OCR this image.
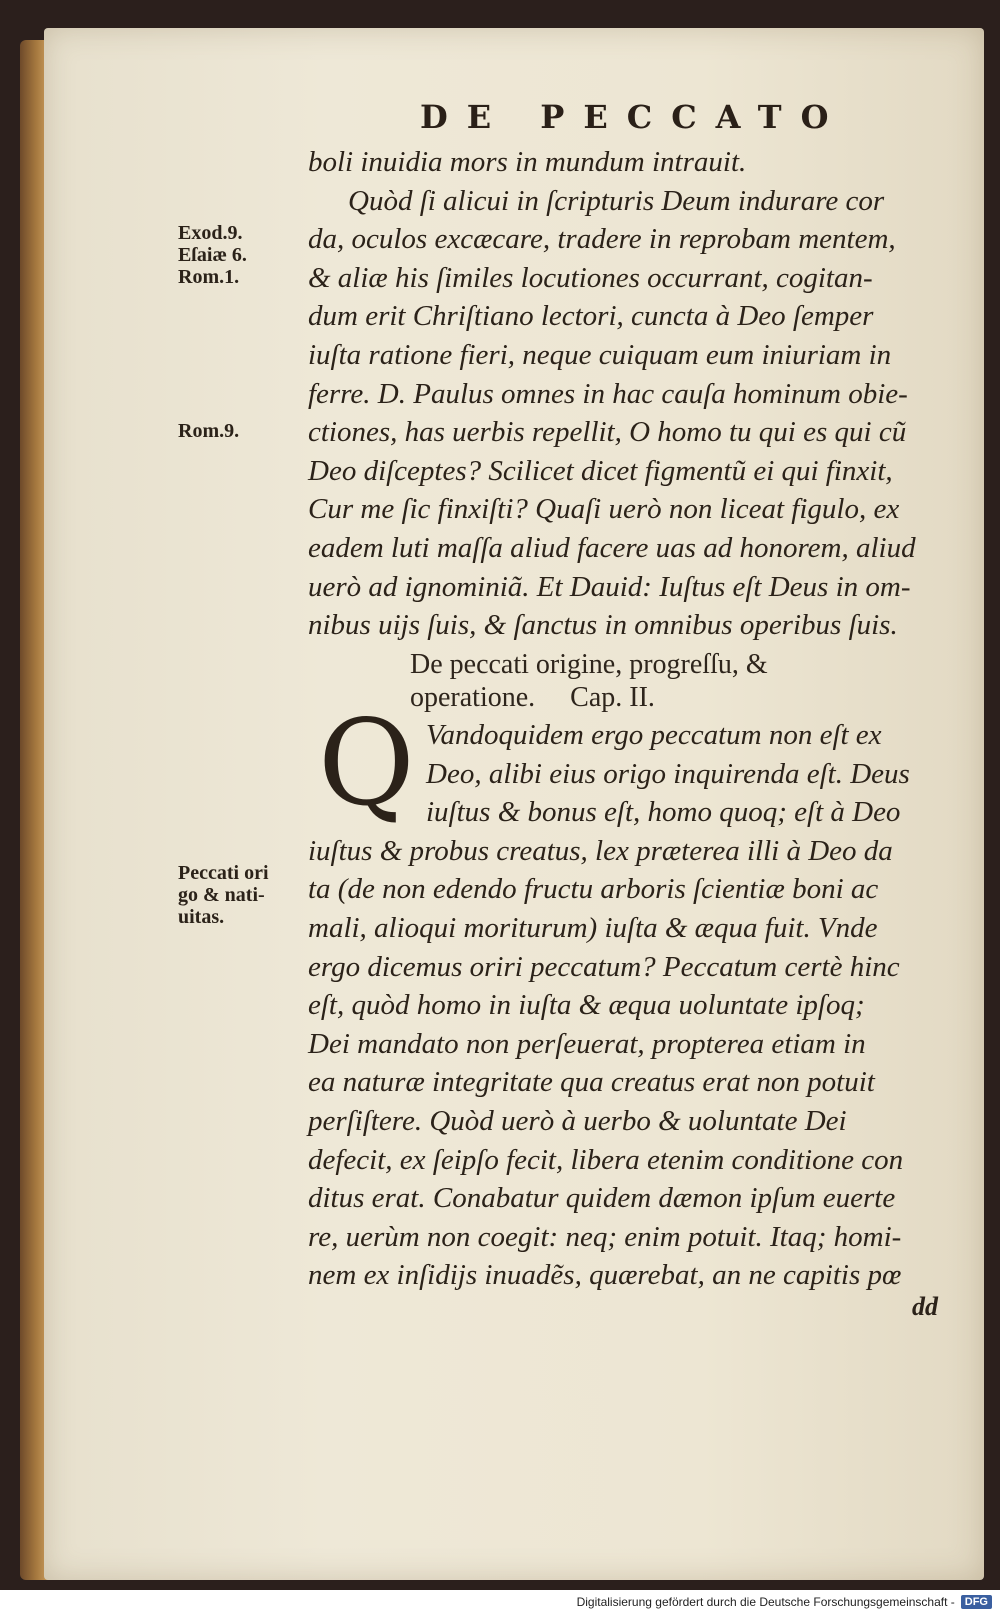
DE PECCATO
boli inuidia mors in mundum intrauit.
Quòd ſi alicui in ſcripturis Deum indurare cor
da, oculos excæcare, tradere in reprobam mentem,
& aliæ his ſimiles locutiones occurrant, cogitan-
dum erit Chriſtiano lectori, cuncta à Deo ſemper
iuſta ratione fieri, neque cuiquam eum iniuriam in
ferre. D. Paulus omnes in hac cauſa hominum obie-
ctiones, has uerbis repellit, O homo tu qui es qui cũ
Deo diſceptes? Scilicet dicet figmentũ ei qui finxit,
Cur me ſic finxiſti? Quaſi uerò non liceat figulo, ex
eadem luti maſſa aliud facere uas ad honorem, aliud
uerò ad ignominiã. Et Dauid: Iuſtus eſt Deus in om-
nibus uijs ſuis, & ſanctus in omnibus operibus ſuis.
De peccati origine, progreſſu, &
operatione.     Cap. II.
Q Vandoquidem ergo peccatum non eſt ex
Deo, alibi eius origo inquirenda eſt. Deus
iuſtus & bonus eſt, homo quoq; eſt à Deo
iuſtus & probus creatus, lex præterea illi à Deo da
ta (de non edendo fructu arboris ſcientiæ boni ac
mali, alioqui moriturum) iuſta & æqua fuit. Vnde
ergo dicemus oriri peccatum? Peccatum certè hinc
eſt, quòd homo in iuſta & æqua uoluntate ipſoq;
Dei mandato non perſeuerat, propterea etiam in
ea naturæ integritate qua creatus erat non potuit
perſiſtere. Quòd uerò à uerbo & uoluntate Dei
defecit, ex ſeipſo fecit, libera etenim conditione con
ditus erat. Conabatur quidem dæmon ipſum euerte
re, uerùm non coegit: neq; enim potuit. Itaq; homi-
nem ex inſidijs inuadẽs, quærebat, an ne capitis pœ
Exod.9.
Eſaiæ 6.
Rom.1.
Rom.9.
Peccati ori
go & nati-
uitas.
dd
Digitalisierung gefördert durch die Deutsche Forschungsgemeinschaft - DFG
